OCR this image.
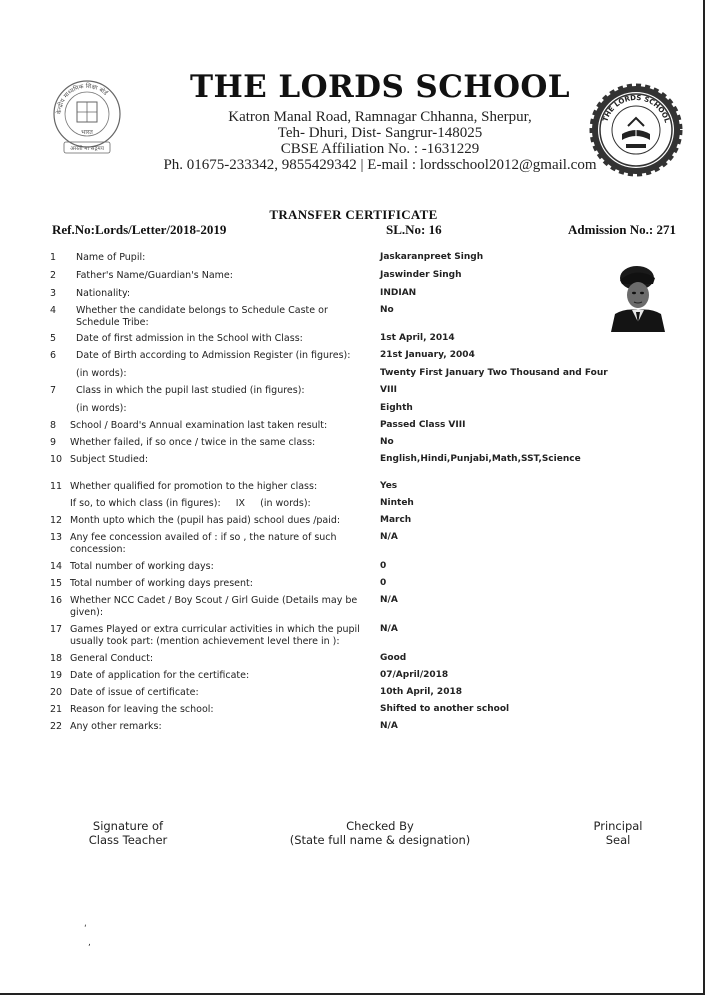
केन्द्रीय माध्यमिक शिक्षा बोर्ड
भारत
असतो मा सद्गमय
THE LORDS SCHOOL
THE LORDS SCHOOL
Katron Manal Road, Ramnagar Chhanna, Sherpur,
Teh- Dhuri, Dist- Sangrur-148025
CBSE Affiliation No. : -1631229
Ph. 01675-233342, 9855429342 | E-mail : lordsschool2012@gmail.com
TRANSFER CERTIFICATE
Ref.No:Lords/Letter/2018-2019	SL.No: 16	Admission No.: 271
1	Name of Pupil:	Jaskaranpreet Singh
2	Father's Name/Guardian's Name:	Jaswinder Singh
3	Nationality:	INDIAN
4	Whether the candidate belongs to Schedule Caste or Schedule Tribe:
No
5	Date of first admission in the School with Class:	1st April, 2014
6	Date of Birth according to Admission Register (in figures):	21st January, 2004
(in words):	Twenty First January Two Thousand and Four
7	Class in which the pupil last studied (in figures):	VIII
(in words):	Eighth
8	School / Board's Annual examination last taken result:	Passed Class VIII
9	Whether failed, if so once / twice in the same class:	No
10 Subject Studied:	English,Hindi,Punjabi,Math,SST,Science
11 Whether qualified for promotion to the higher class:	Yes
If so, to which class (in figures):     IX     (in words):	Ninteh
12 Month upto which the (pupil has paid) school dues /paid:	March
13 Any fee concession availed of : if so , the nature of such concession:
N/A
14 Total number of working days:	0
15 Total number of working days present:	0
16 Whether NCC Cadet / Boy Scout / Girl Guide (Details may be given):
N/A
17 Games Played or extra curricular activities in which the pupil usually took part: (mention achievement level there in ):
N/A
18 General Conduct:	Good
19 Date of application for the certificate:	07/April/2018
20 Date of issue of certificate:	10th April, 2018
21 Reason for leaving the school:	Shifted to another school
22 Any other remarks:	N/A
Signature of
Class Teacher
Checked By
(State full name & designation)
Principal
Seal
‘
,
